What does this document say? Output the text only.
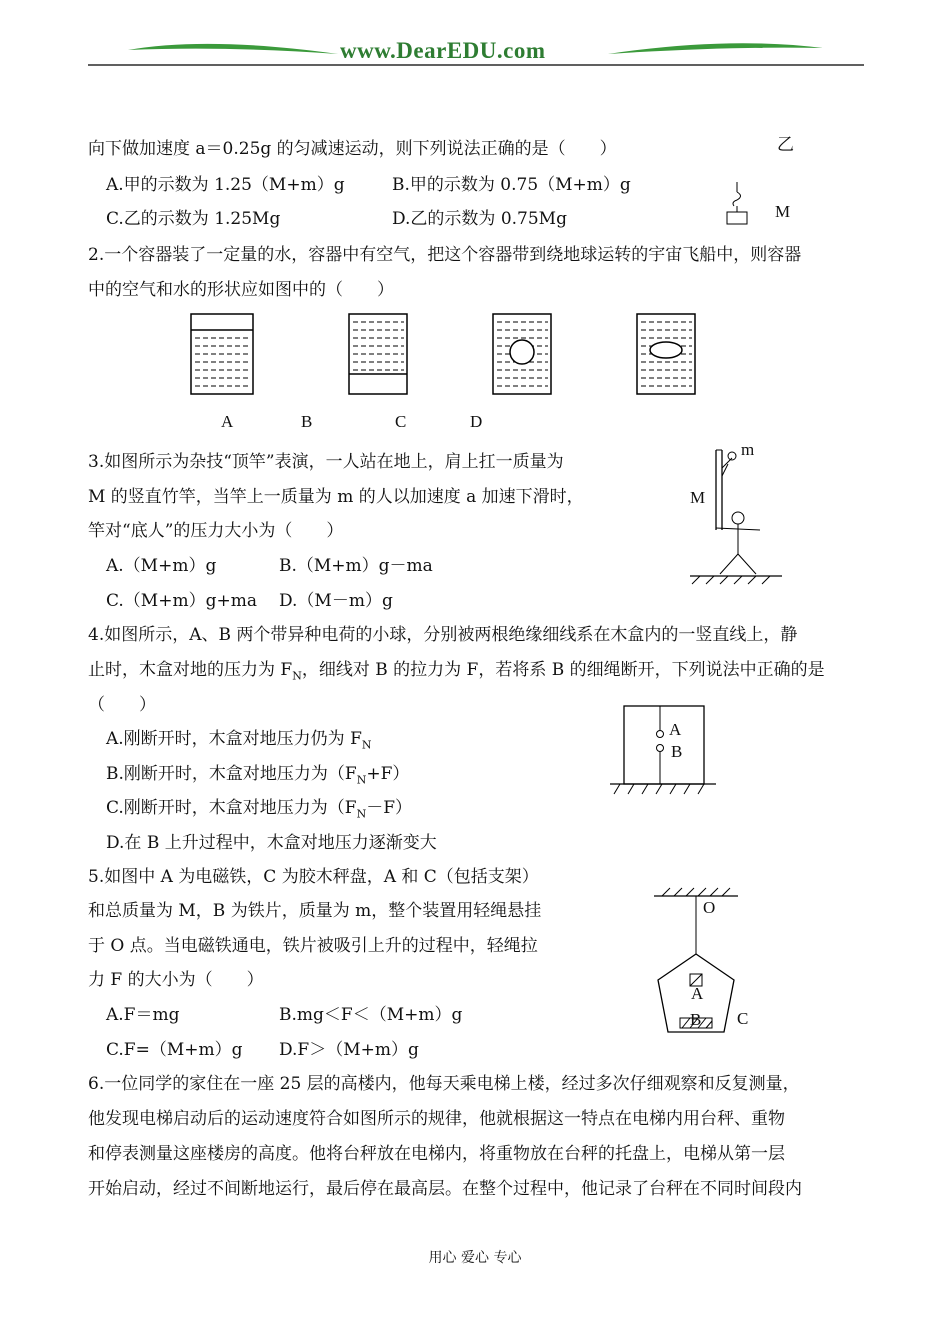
www.DearEDU.com
向下做加速度 a＝0.25g 的匀减速运动，则下列说法正确的是（　　）
A.甲的示数为 1.25（M+m）g	B.甲的示数为 0.75（M+m）g
C.乙的示数为 1.25Mg	D.乙的示数为 0.75Mg
乙
M
2.一个容器装了一定量的水，容器中有空气，把这个容器带到绕地球运转的宇宙飞船中，则容器
中的空气和水的形状应如图中的（　　）
A	B	C	D
3.如图所示为杂技“顶竿”表演，一人站在地上，肩上扛一质量为
M 的竖直竹竿，当竿上一质量为 m 的人以加速度 a 加速下滑时，
竿对“底人”的压力大小为（　　）
A.（M+m）g	B.（M+m）g－ma
C.（M+m）g+ma D.（M－m）g
m
M
4.如图所示，A、B 两个带异种电荷的小球，分别被两根绝缘细线系在木盒内的一竖直线上，静
止时，木盒对地的压力为 $F_N$，细线对 B 的拉力为 F，若将系 B 的细绳断开，下列说法中正确的是
（　　）
A.刚断开时，木盒对地压力仍为 $F_N$
B.刚断开时，木盒对地压力为$(F_N+F)$
C.刚断开时，木盒对地压力为$(F_N-F)$
D.在 B 上升过程中，木盒对地压力逐渐变大
A
B
5.如图中 A 为电磁铁，C 为胶木秤盘，A 和 C（包括支架）
和总质量为 M，B 为铁片，质量为 m，整个装置用轻绳悬挂
于 O 点。当电磁铁通电，铁片被吸引上升的过程中，轻绳拉
力 F 的大小为（　　）
A.F＝mg	B.mg＜F＜（M+m）g
C.F=（M+m）g D.F＞（M+m）g
O
A
B C
6.一位同学的家住在一座 25 层的高楼内，他每天乘电梯上楼，经过多次仔细观察和反复测量，
他发现电梯启动后的运动速度符合如图所示的规律，他就根据这一特点在电梯内用台秤、重物
和停表测量这座楼房的高度。他将台秤放在电梯内，将重物放在台秤的托盘上，电梯从第一层
开始启动，经过不间断地运行，最后停在最高层。在整个过程中，他记录了台秤在不同时间段内
用心 爱心 专心
